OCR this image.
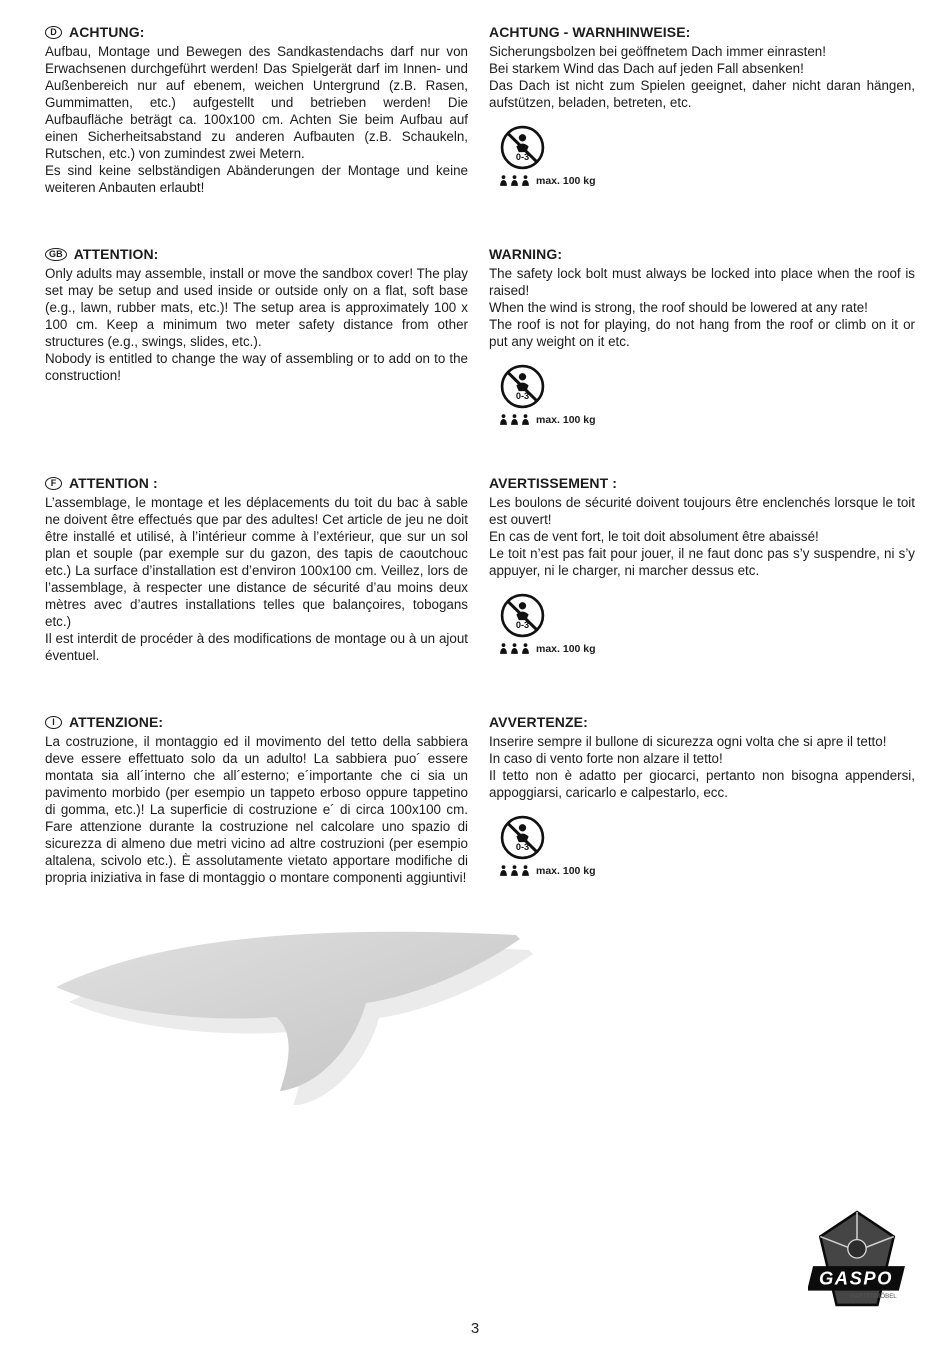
D ACHTUNG:

Aufbau, Montage und Bewegen des Sandkastendachs darf nur von Erwachsenen durchgeführt werden! Das Spielgerät darf im Innen- und Außenbereich nur auf ebenem, weichen Untergrund (z.B. Rasen, Gummimatten, etc.) aufgestellt und betrieben werden! Die Aufbaufläche beträgt ca. 100x100 cm. Achten Sie beim Aufbau auf einen Sicherheitsabstand zu anderen Aufbauten (z.B. Schaukeln, Rutschen, etc.) von zumindest zwei Metern.

Es sind keine selbständigen Abänderungen der Montage und keine weiteren Anbauten erlaubt!

ACHTUNG - WARNHINWEISE:

Sicherungsbolzen bei geöffnetem Dach immer einrasten!

Bei starkem Wind das Dach auf jeden Fall absenken!

Das Dach ist nicht zum Spielen geeignet, daher nicht daran hängen, aufstützen, beladen, betreten, etc.

0-3
max. 100 kg
GB ATTENTION:

Only adults may assemble, install or move the sandbox cover! The play set may be setup and used inside or outside only on a flat, soft base (e.g., lawn, rubber mats, etc.)! The setup area is approximately 100 x 100 cm. Keep a minimum two meter safety distance from other structures (e.g., swings, slides, etc.).

Nobody is entitled to change the way of assembling or to add on to the construction!

WARNING:

The safety lock bolt must always be locked into place when the roof is raised!

When the wind is strong, the roof should be lowered at any rate!

The roof is not for playing, do not hang from the roof or climb on it or put any weight on it etc.

0-3
max. 100 kg
F ATTENTION :

L’assemblage, le montage et les déplacements du toit du bac à sable ne doivent être effectués que par des adultes! Cet article de jeu ne doit être installé et utilisé, à l’intérieur comme à l’extérieur, que sur un sol plan et souple (par exemple sur du gazon, des tapis de caoutchouc etc.) La surface d’installation est d’environ 100x100 cm. Veillez, lors de l’assemblage, à respecter une distance de sécurité d’au moins deux mètres avec d’autres installations telles que balançoires, tobogans etc.)

Il est interdit de procéder à des modifications de montage ou à un ajout éventuel.

AVERTISSEMENT :

Les boulons de sécurité doivent toujours être enclenchés lorsque le toit est ouvert!

En cas de vent fort, le toit doit absolument être abaissé!

Le toit n’est pas fait pour jouer, il ne faut donc pas s’y suspendre, ni s’y appuyer, ni le charger, ni marcher dessus etc.

0-3
max. 100 kg
I	ATTENZIONE:

La costruzione, il montaggio ed il movimento del tetto della sabbiera deve essere effettuato solo da un adulto! La sabbiera puo´ essere montata sia all´interno che all´esterno; e´importante che ci sia un pavimento morbido (per esempio un tappeto erboso oppure tappetino di gomma, etc.)! La superficie di costruzione e´ di circa 100x100 cm. Fare attenzione durante la costruzione nel calcolare uno spazio di sicurezza di almeno due metri vicino ad altre costruzioni (per esempio altalena, scivolo etc.). È assolutamente vietato apportare modifiche di propria iniziativa in fase di montaggio o montare componenti aggiuntivi!

AVVERTENZE:

Inserire sempre il bullone di sicurezza ogni volta che si apre il tetto!

In caso di vento forte non alzare il tetto!

Il tetto non è adatto per giocarci, pertanto non bisogna appendersi, appoggiarsi, caricarlo e calpestarlo, ecc.

0-3
max. 100 kg
GASPO
GARTENMÖBEL
3
